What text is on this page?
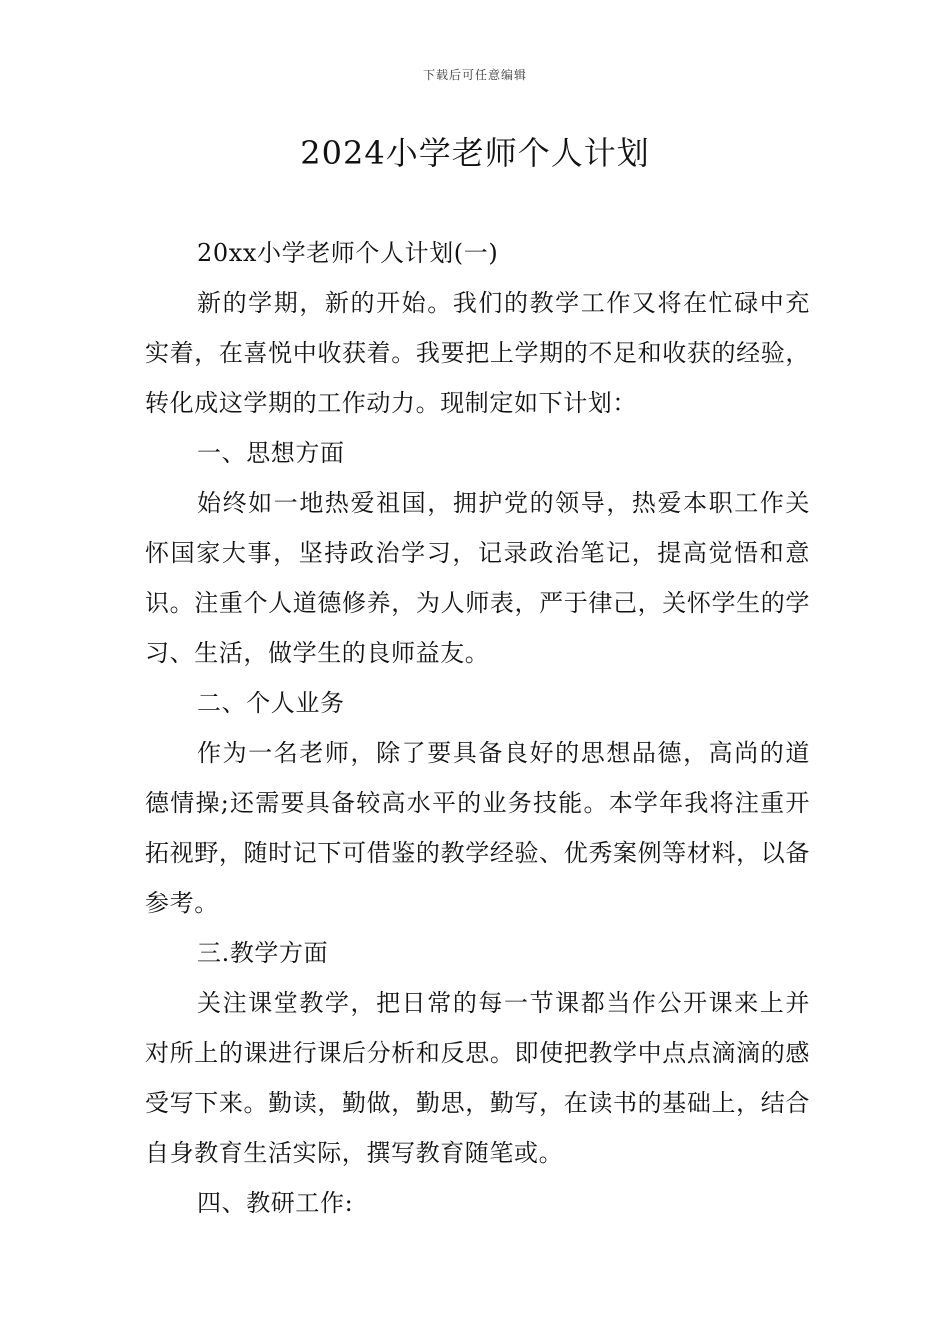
下载后可任意编辑
2024小学老师个人计划

20xx小学老师个人计划(一)

新的学期，新的开始。我们的教学工作又将在忙碌中充实着，在喜悦中收获着。我要把上学期的不足和收获的经验，转化成这学期的工作动力。现制定如下计划：

一、思想方面

始终如一地热爱祖国，拥护党的领导，热爱本职工作关怀国家大事，坚持政治学习，记录政治笔记，提高觉悟和意识。注重个人道德修养，为人师表，严于律己，关怀学生的学习、生活，做学生的良师益友。

二、个人业务

作为一名老师，除了要具备良好的思想品德，高尚的道德情操;还需要具备较高水平的业务技能。本学年我将注重开拓视野，随时记下可借鉴的教学经验、优秀案例等材料，以备参考。

三.教学方面

关注课堂教学，把日常的每一节课都当作公开课来上并对所上的课进行课后分析和反思。即使把教学中点点滴滴的感受写下来。勤读，勤做，勤思，勤写，在读书的基础上，结合自身教育生活实际，撰写教育随笔或。

四、教研工作:
